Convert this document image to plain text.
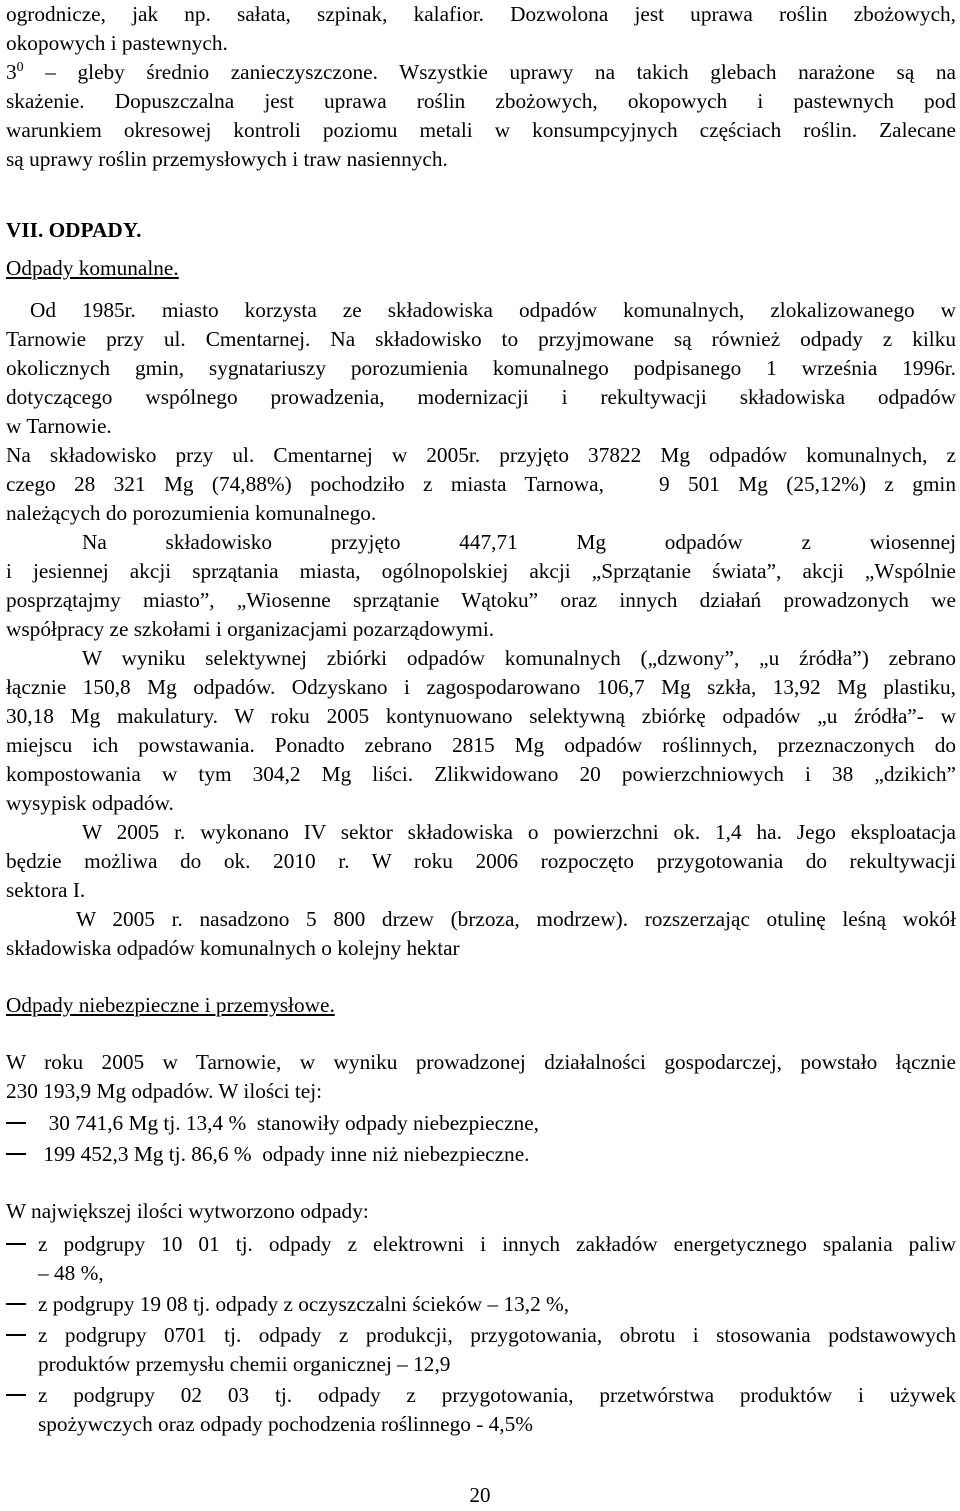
ogrodnicze, jak np. sałata, szpinak, kalafior. Dozwolona jest uprawa roślin zbożowych,
okopowych i pastewnych.
$3^0$ – gleby średnio zanieczyszczone. Wszystkie uprawy na takich glebach narażone są na
skażenie. Dopuszczalna jest uprawa roślin zbożowych, okopowych i pastewnych pod
warunkiem okresowej kontroli poziomu metali w konsumpcyjnych częściach roślin. Zalecane
są uprawy roślin przemysłowych i traw nasiennych.
VII. ODPADY.
Odpady komunalne.
Od 1985r. miasto korzysta ze składowiska odpadów komunalnych, zlokalizowanego w
Tarnowie przy ul. Cmentarnej. Na składowisko to przyjmowane są również odpady z kilku
okolicznych gmin, sygnatariuszy porozumienia komunalnego podpisanego 1 września 1996r.
dotyczącego wspólnego prowadzenia, modernizacji i rekultywacji składowiska odpadów
w Tarnowie.
Na składowisko przy ul. Cmentarnej w 2005r. przyjęto 37822 Mg odpadów komunalnych, z
czego 28 321 Mg (74,88%) pochodziło z miasta Tarnowa,   9 501 Mg (25,12%) z gmin
należących do porozumienia komunalnego.
Na składowisko przyjęto 447,71 Mg odpadów z wiosennej
i jesiennej akcji sprzątania miasta, ogólnopolskiej akcji „Sprzątanie świata”, akcji „Wspólnie
posprzątajmy miasto”, „Wiosenne sprzątanie Wątoku” oraz innych działań prowadzonych we
współpracy ze szkołami i organizacjami pozarządowymi.
W wyniku selektywnej zbiórki odpadów komunalnych („dzwony”, „u źródła”) zebrano
łącznie 150,8 Mg odpadów. Odzyskano i zagospodarowano 106,7 Mg szkła, 13,92 Mg plastiku,
30,18 Mg makulatury. W roku 2005 kontynuowano selektywną zbiórkę odpadów „u źródła”- w
miejscu ich powstawania. Ponadto zebrano 2815 Mg odpadów roślinnych, przeznaczonych do
kompostowania w tym 304,2 Mg liści. Zlikwidowano 20 powierzchniowych i 38 „dzikich”
wysypisk odpadów.
W 2005 r. wykonano IV sektor składowiska o powierzchni ok. 1,4 ha. Jego eksploatacja
będzie możliwa do ok. 2010 r. W roku 2006 rozpoczęto przygotowania do rekultywacji
sektora I.
W 2005 r. nasadzono 5 800 drzew (brzoza, modrzew). rozszerzając otulinę leśną wokół
składowiska odpadów komunalnych o kolejny hektar
Odpady niebezpieczne i przemysłowe.
W roku 2005 w Tarnowie, w wyniku prowadzonej działalności gospodarczej, powstało łącznie
230 193,9 Mg odpadów. W ilości tej:
30 741,6 Mg tj. 13,4 %  stanowiły odpady niebezpieczne,
199 452,3 Mg tj. 86,6 %  odpady inne niż niebezpieczne.
W największej ilości wytworzono odpady:
z podgrupy 10 01 tj. odpady z elektrowni i innych zakładów energetycznego spalania paliw
– 48 %,
z podgrupy 19 08 tj. odpady z oczyszczalni ścieków – 13,2 %,
z podgrupy 0701 tj. odpady z produkcji, przygotowania, obrotu i stosowania podstawowych
produktów przemysłu chemii organicznej – 12,9
z podgrupy 02 03 tj. odpady z przygotowania, przetwórstwa produktów i używek
spożywczych oraz odpady pochodzenia roślinnego - 4,5%
20
